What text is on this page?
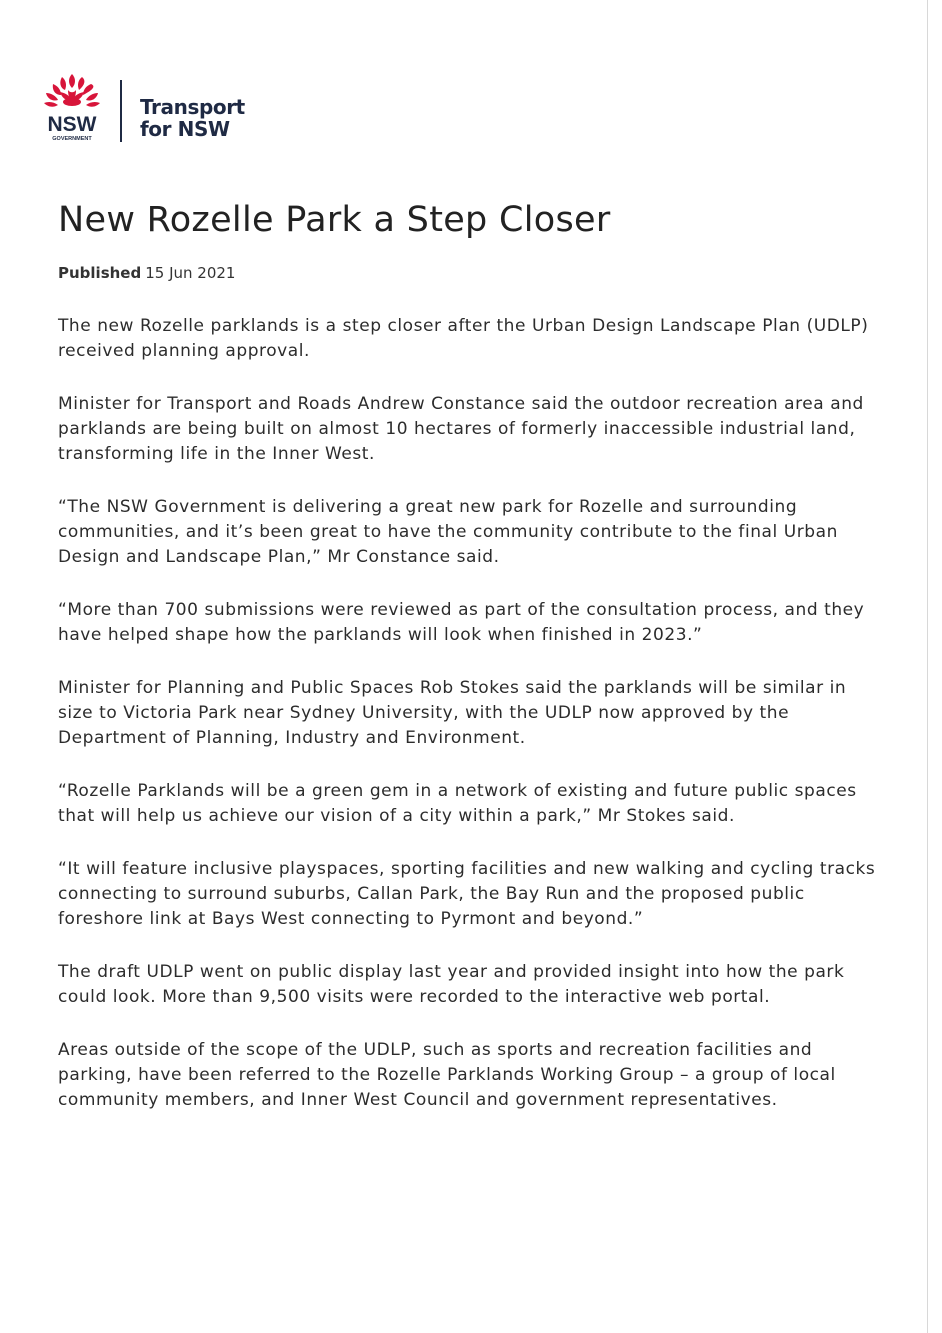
NSW
GOVERNMENT
Transport
for NSW
New Rozelle Park a Step Closer
Published 15 Jun 2021

The new Rozelle parklands is a step closer after the Urban Design Landscape Plan (UDLP) received planning approval.

Minister for Transport and Roads Andrew Constance said the outdoor recreation area and parklands are being built on almost 10 hectares of formerly inaccessible industrial land, transforming life in the Inner West.

“The NSW Government is delivering a great new park for Rozelle and surrounding communities, and it’s been great to have the community contribute to the final Urban Design and Landscape Plan,” Mr Constance said.

“More than 700 submissions were reviewed as part of the consultation process, and they have helped shape how the parklands will look when finished in 2023.”

Minister for Planning and Public Spaces Rob Stokes said the parklands will be similar in size to Victoria Park near Sydney University, with the UDLP now approved by the Department of Planning, Industry and Environment.

“Rozelle Parklands will be a green gem in a network of existing and future public spaces that will help us achieve our vision of a city within a park,” Mr Stokes said.

“It will feature inclusive playspaces, sporting facilities and new walking and cycling tracks connecting to surround suburbs, Callan Park, the Bay Run and the proposed public foreshore link at Bays West connecting to Pyrmont and beyond.”

The draft UDLP went on public display last year and provided insight into how the park could look. More than 9,500 visits were recorded to the interactive web portal.

Areas outside of the scope of the UDLP, such as sports and recreation facilities and parking, have been referred to the Rozelle Parklands Working Group – a group of local community members, and Inner West Council and government representatives.
